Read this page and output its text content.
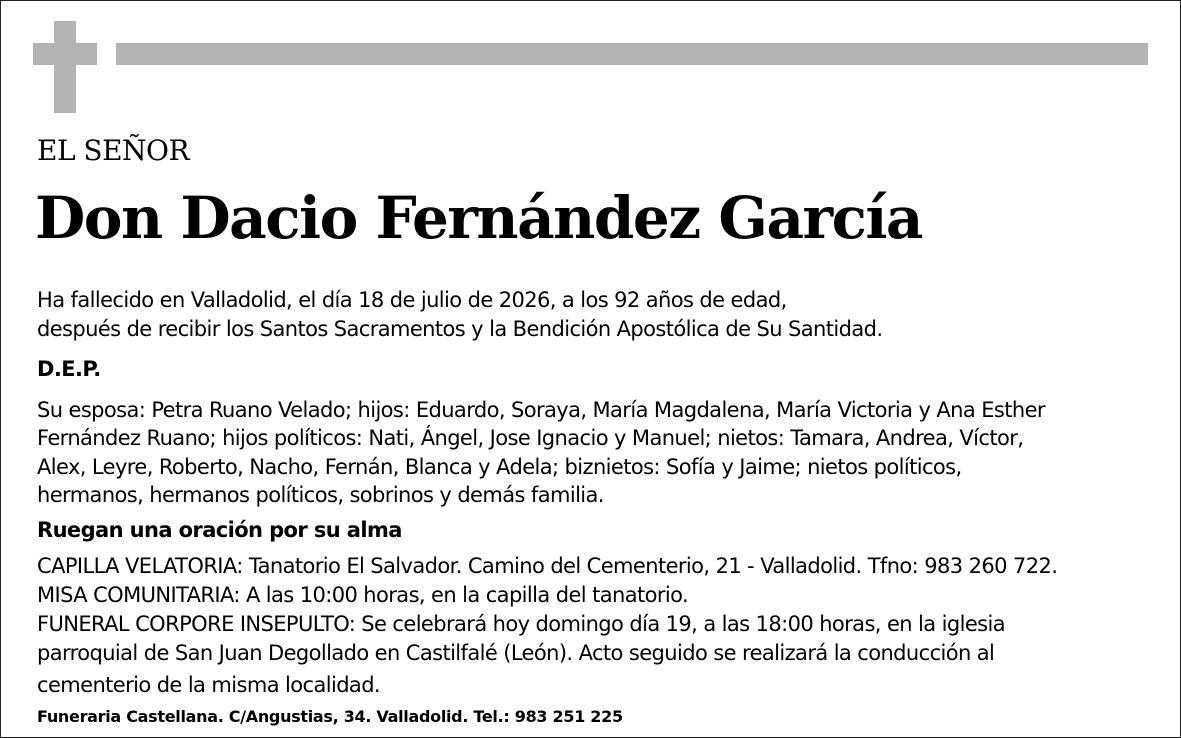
EL SEÑOR
Don Dacio Fernández García
Ha fallecido en Valladolid, el día 18 de julio de 2026, a los 92 años de edad,
después de recibir los Santos Sacramentos y la Bendición Apostólica de Su Santidad.
D.E.P.
Su esposa: Petra Ruano Velado; hijos: Eduardo, Soraya, María Magdalena, María Victoria y Ana Esther
Fernández Ruano; hijos políticos: Nati, Ángel, Jose Ignacio y Manuel; nietos: Tamara, Andrea, Víctor,
Alex, Leyre, Roberto, Nacho, Fernán, Blanca y Adela; biznietos: Sofía y Jaime; nietos políticos,
hermanos, hermanos políticos, sobrinos y demás familia.
Ruegan una oración por su alma
CAPILLA VELATORIA: Tanatorio El Salvador. Camino del Cementerio, 21 - Valladolid. Tfno: 983 260 722.
MISA COMUNITARIA: A las 10:00 horas, en la capilla del tanatorio.
FUNERAL CORPORE INSEPULTO: Se celebrará hoy domingo día 19, a las 18:00 horas, en la iglesia
parroquial de San Juan Degollado en Castilfalé (León). Acto seguido se realizará la conducción al
cementerio de la misma localidad.
Funeraria Castellana. C/Angustias, 34. Valladolid. Tel.: 983 251 225
